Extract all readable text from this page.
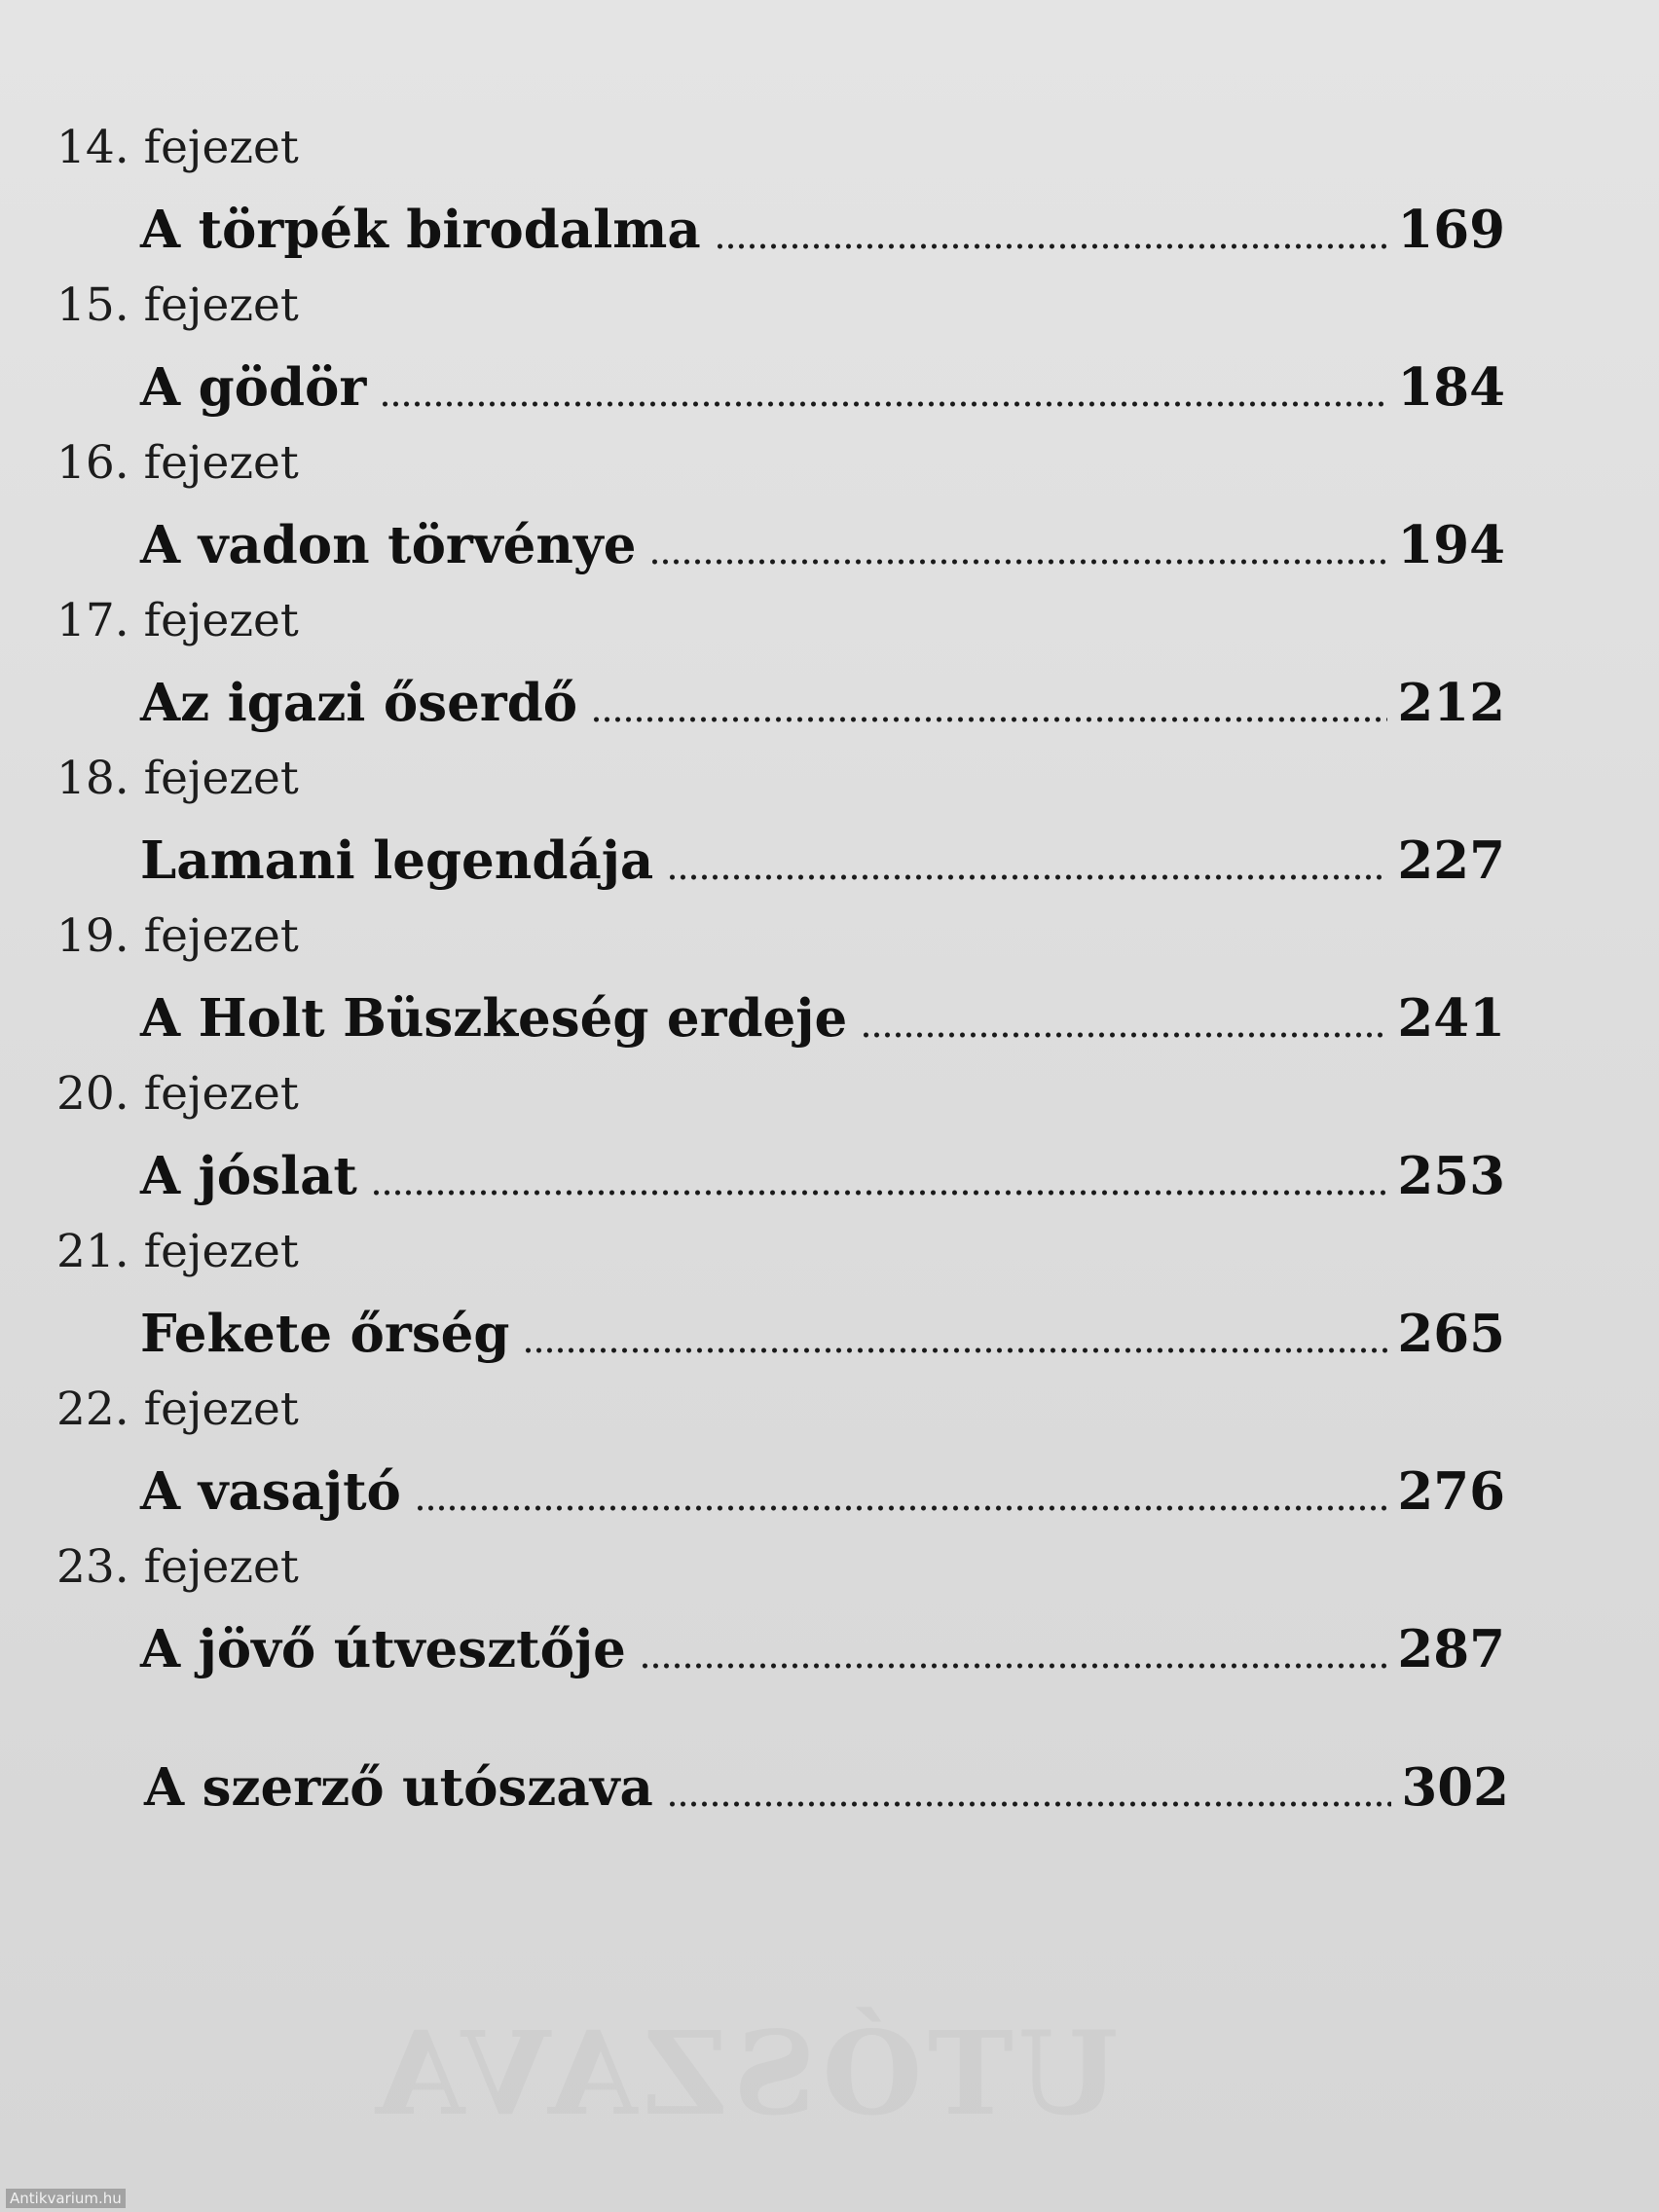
14. fejezet
A törpék birodalma	169
15. fejezet
A gödör	184
16. fejezet
A vadon törvénye	194
17. fejezet
Az igazi őserdő	212
18. fejezet
Lamani legendája	227
19. fejezet
A Holt Büszkeség erdeje	241
20. fejezet
A jóslat	253
21. fejezet
Fekete őrség	265
22. fejezet
A vasajtó	276
23. fejezet
A jövő útvesztője	287
A szerző utószava	302
UTÓSZAVA
Antikvarium.hu
